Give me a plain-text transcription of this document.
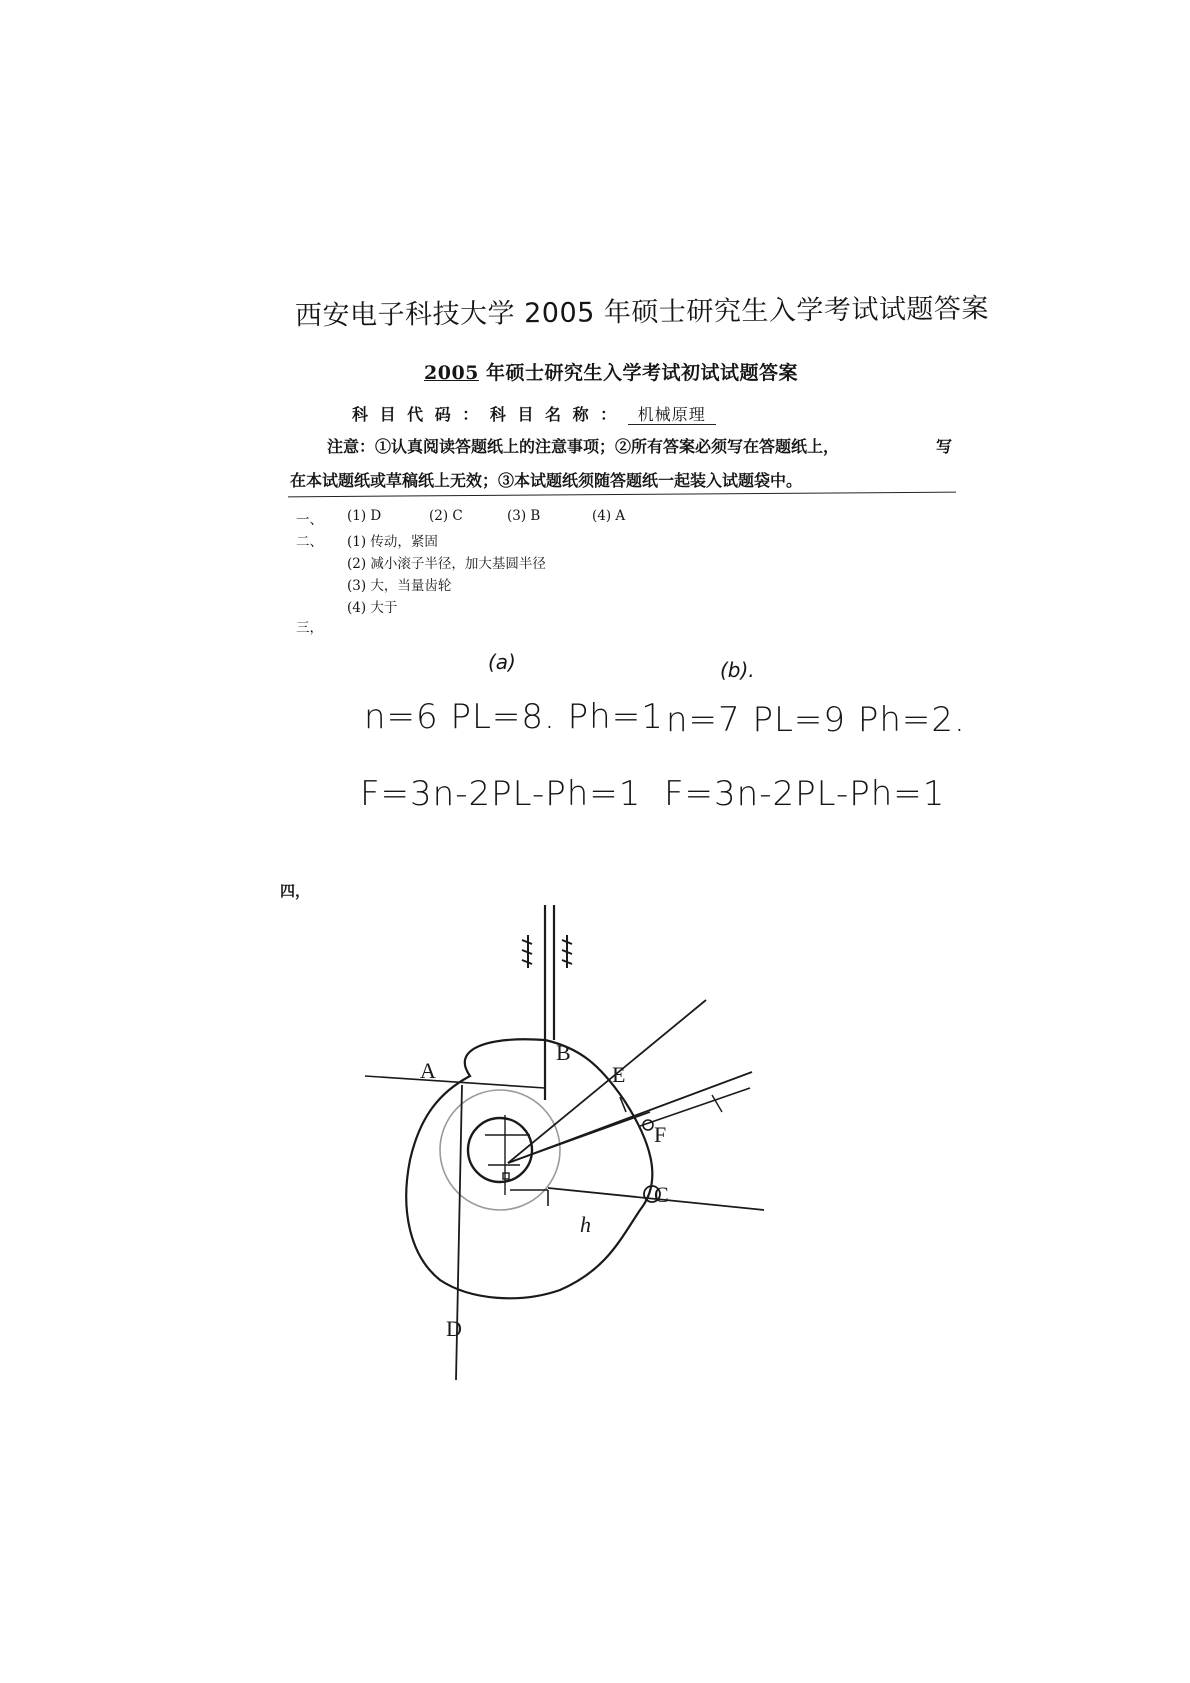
西安电子科技大学 2005 年硕士研究生入学考试试题答案
2005 年硕士研究生入学考试初试试题答案
科 目 代 码 ： 科 目 名 称 ： 机械原理
注意：①认真阅读答题纸上的注意事项；②所有答案必须写在答题纸上，	写
在本试题纸或草稿纸上无效；③本试题纸须随答题纸一起装入试题袋中。
一、 (1) D	(2) C	(3) B	(4) A
二、 (1) 传动，紧固
(2) 减小滚子半径，加大基圆半径
(3) 大，当量齿轮
(4) 大于
三，
(a)
n=6 PL=8. Ph=1
F=3n-2PL-Ph=1
(b).
n=7 PL=9 Ph=2.
F=3n-2PL-Ph=1
四，
A
B
E
F
C
D
h
